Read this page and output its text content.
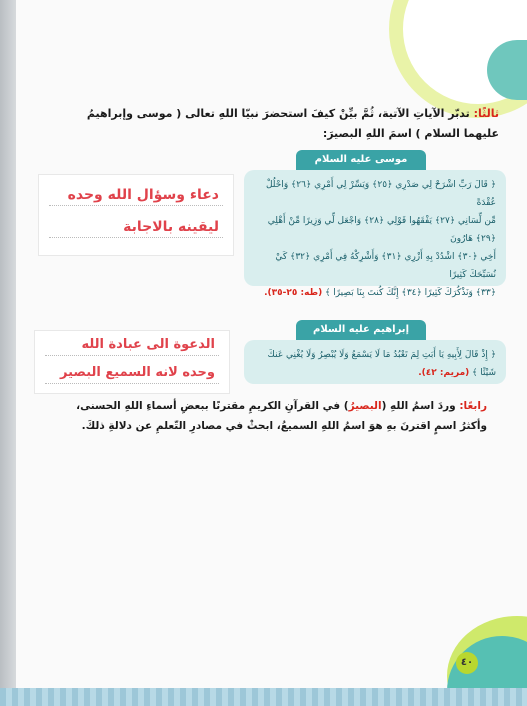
ثالثًا: تدبّر الآياتِ الآتية، ثُمَّ بيِّنْ كيفَ استحضرَ نبيّا اللهِ تعالى ( موسى وإبراهيمُ
عليهما السلام ) اسمَ اللهِ البصيرَ:
موسى عليه السلام
﴿ قَالَ رَبِّ اشْرَحْ لِي صَدْرِي ﴿٢٥﴾ وَيَسِّرْ لِي أَمْرِي ﴿٢٦﴾ وَاحْلُلْ عُقْدَةً
مِّن لِّسَانِي ﴿٢٧﴾ يَفْقَهُوا قَوْلِي ﴿٢٨﴾ وَاجْعَل لِّي وَزِيرًا مِّنْ أَهْلِي ﴿٢٩﴾ هَارُونَ
أَخِي ﴿٣٠﴾ اشْدُدْ بِهِ أَزْرِي ﴿٣١﴾ وَأَشْرِكْهُ فِي أَمْرِي ﴿٣٢﴾ كَيْ نُسَبِّحَكَ كَثِيرًا
﴿٣٣﴾ وَنَذْكُرَكَ كَثِيرًا ﴿٣٤﴾ إِنَّكَ كُنتَ بِنَا بَصِيرًا ﴾ (طه: ٢٥-٣٥).
دعاء وسؤال الله وحده
ليقينه بالاجابة
إبراهيم عليه السلام
﴿ إِذْ قَالَ لِأَبِيهِ يَا أَبَتِ لِمَ تَعْبُدُ مَا لَا يَسْمَعُ وَلَا يُبْصِرُ وَلَا يُغْنِي عَنكَ
شَيْئًا ﴾ (مريم: ٤٢).
الدعوة الى عبادة الله
وحده لانه السميع البصير
رابعًا: وردَ اسمُ اللهِ (البصيرُ) في القرآنِ الكريمِ مقترنًا ببعضِ أسماءِ اللهِ الحسنى،
وأكثرُ اسمٍ اقترنَ بهِ هوَ اسمُ اللهِ السميعُ، ابحثْ في مصادرِ التّعلمِ عن دلالةِ ذلكَ.
٤٠
